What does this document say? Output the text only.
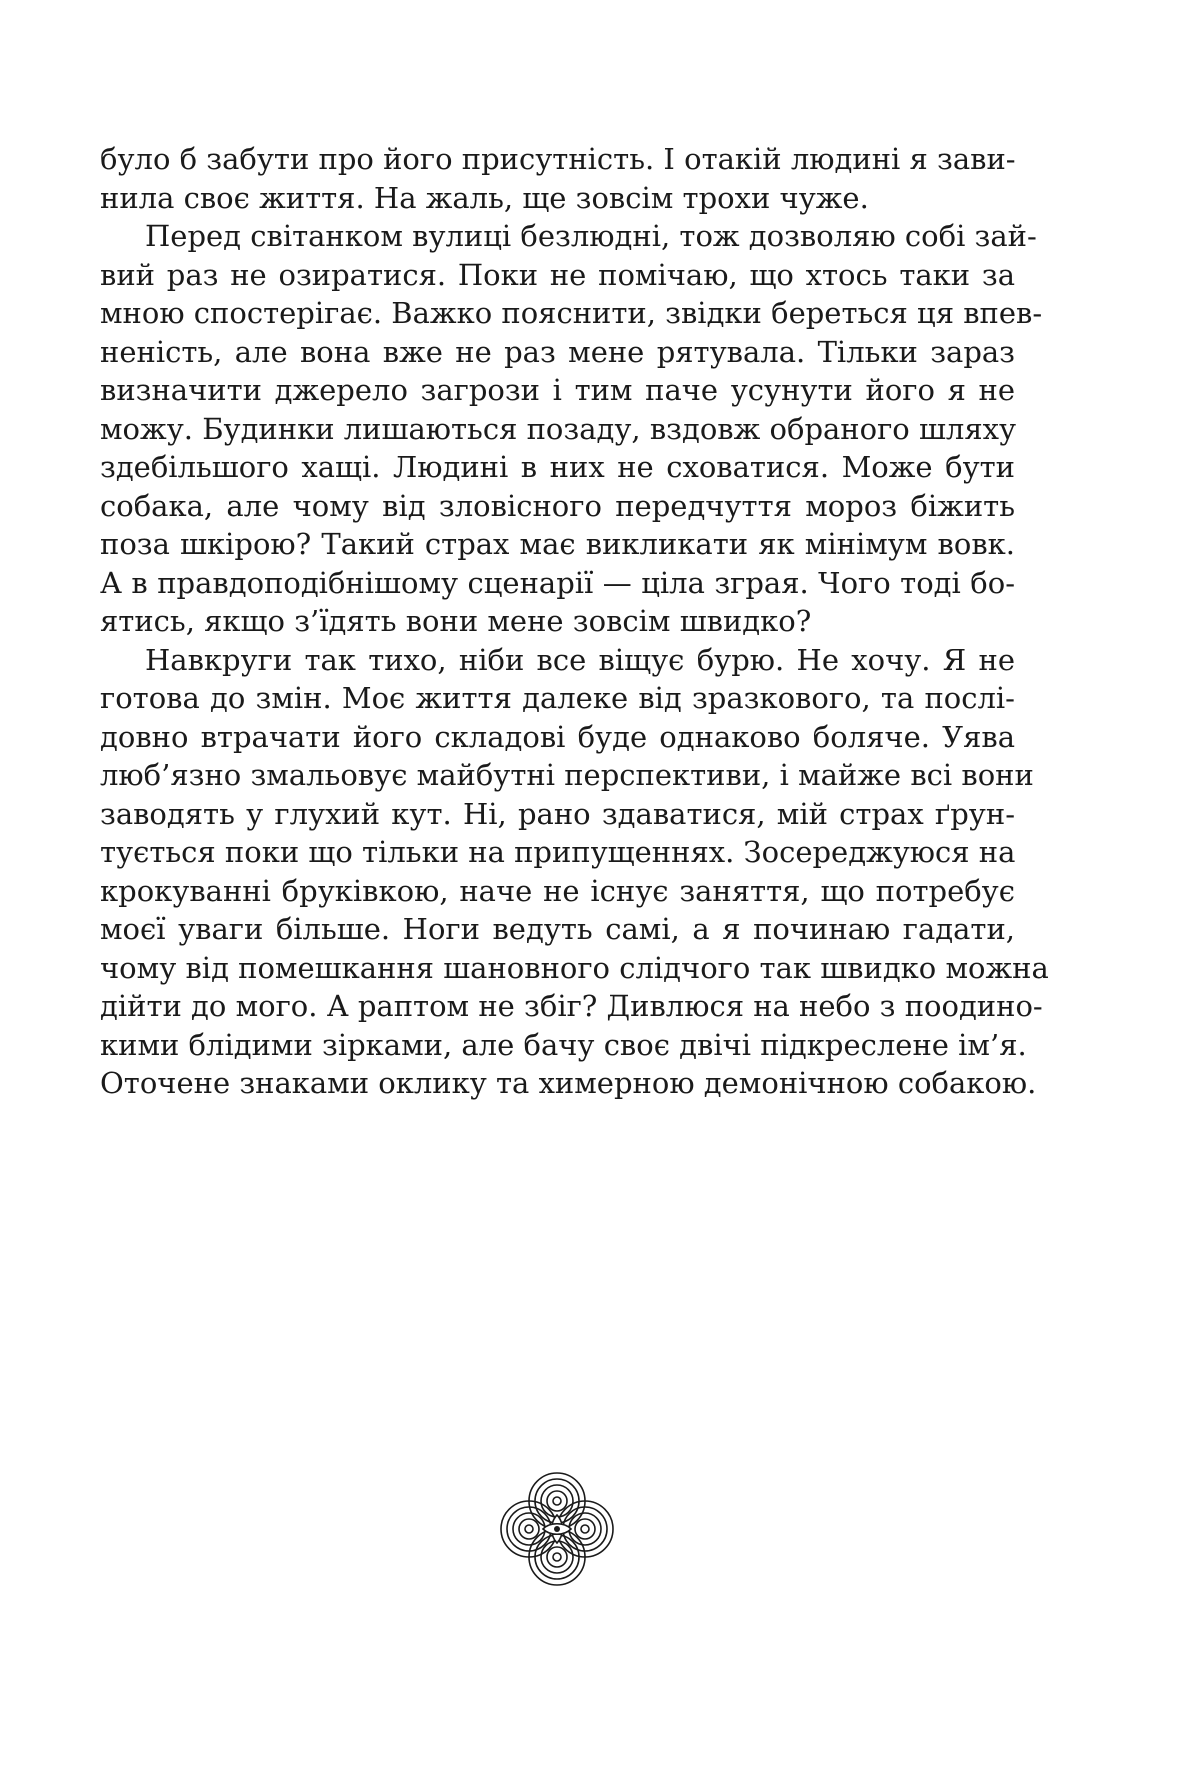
було б забути про його присутність. І отакій людині я зави-
нила своє життя. На жаль, ще зовсім трохи чуже.
Перед світанком вулиці безлюдні, тож дозволяю собі зай-
вий раз не озиратися. Поки не помічаю, що хтось таки за
мною спостерігає. Важко пояснити, звідки береться ця впев-
неність, але вона вже не раз мене рятувала. Тільки зараз
визначити джерело загрози і тим паче усунути його я не
можу. Будинки лишаються позаду, вздовж обраного шляху
здебільшого хащі. Людині в них не сховатися. Може бути
собака, але чому від зловісного передчуття мороз біжить
поза шкірою? Такий страх має викликати як мінімум вовк.
А в правдоподібнішому сценарії — ціла зграя. Чого тоді бо-
ятись, якщо з’їдять вони мене зовсім швидко?
Навкруги так тихо, ніби все віщує бурю. Не хочу. Я не
готова до змін. Моє життя далеке від зразкового, та послі-
довно втрачати його складові буде однаково боляче. Уява
люб’язно змальовує майбутні перспективи, і майже всі вони
заводять у глухий кут. Ні, рано здаватися, мій страх ґрун-
тується поки що тільки на припущеннях. Зосереджуюся на
крокуванні бруківкою, наче не існує заняття, що потребує
моєї уваги більше. Ноги ведуть самі, а я починаю гадати,
чому від помешкання шановного слідчого так швидко можна
дійти до мого. А раптом не збіг? Дивлюся на небо з поодино-
кими блідими зірками, але бачу своє двічі підкреслене ім’я.
Оточене знаками оклику та химерною демонічною собакою.
